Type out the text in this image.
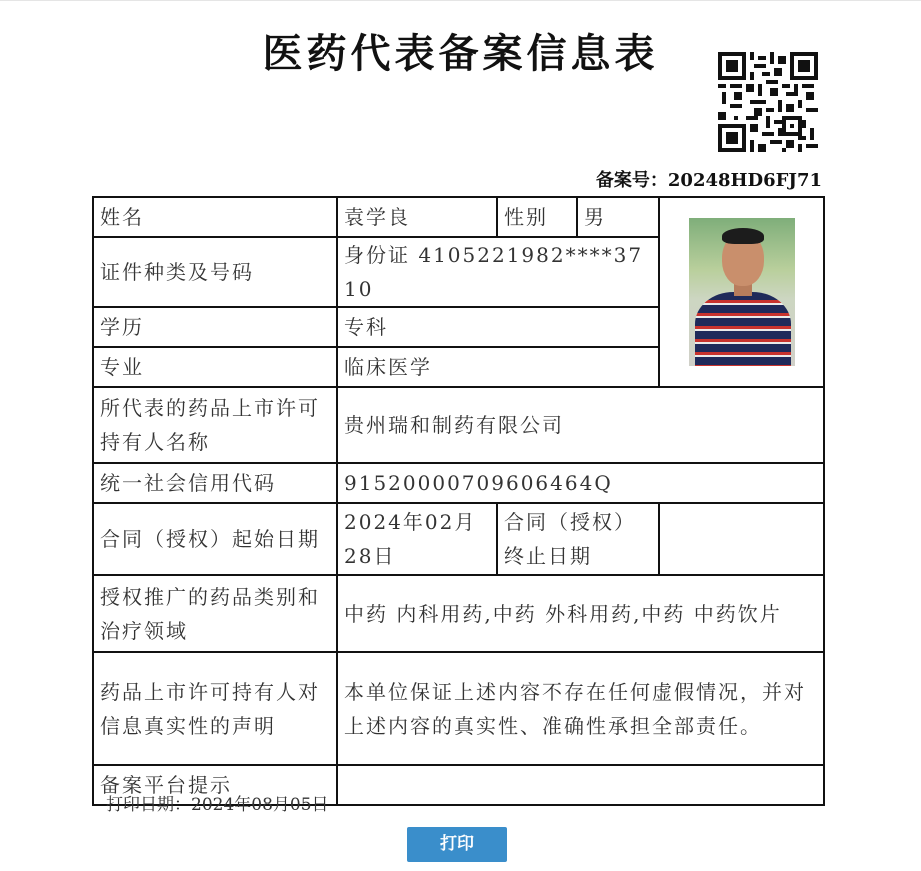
医药代表备案信息表
备案号：20248HD6FJ71
姓名	袁学良	性别	男	

证件种类及号码	身份证 4105221982****3710			
学历	专科			
专业	临床医学			
所代表的药品上市许可持有人名称	贵州瑞和制药有限公司			
统一社会信用代码	91520000709606464Q			
合同（授权）起始日期	2024年02月28日	合同（授权）终止日期		
授权推广的药品类别和治疗领域	中药 内科用药,中药 外科用药,中药 中药饮片			
药品上市许可持有人对信息真实性的声明	本单位保证上述内容不存在任何虚假情况，并对上述内容的真实性、准确性承担全部责任。			
备案平台提示				
打印日期：2024年08月05日
打印
